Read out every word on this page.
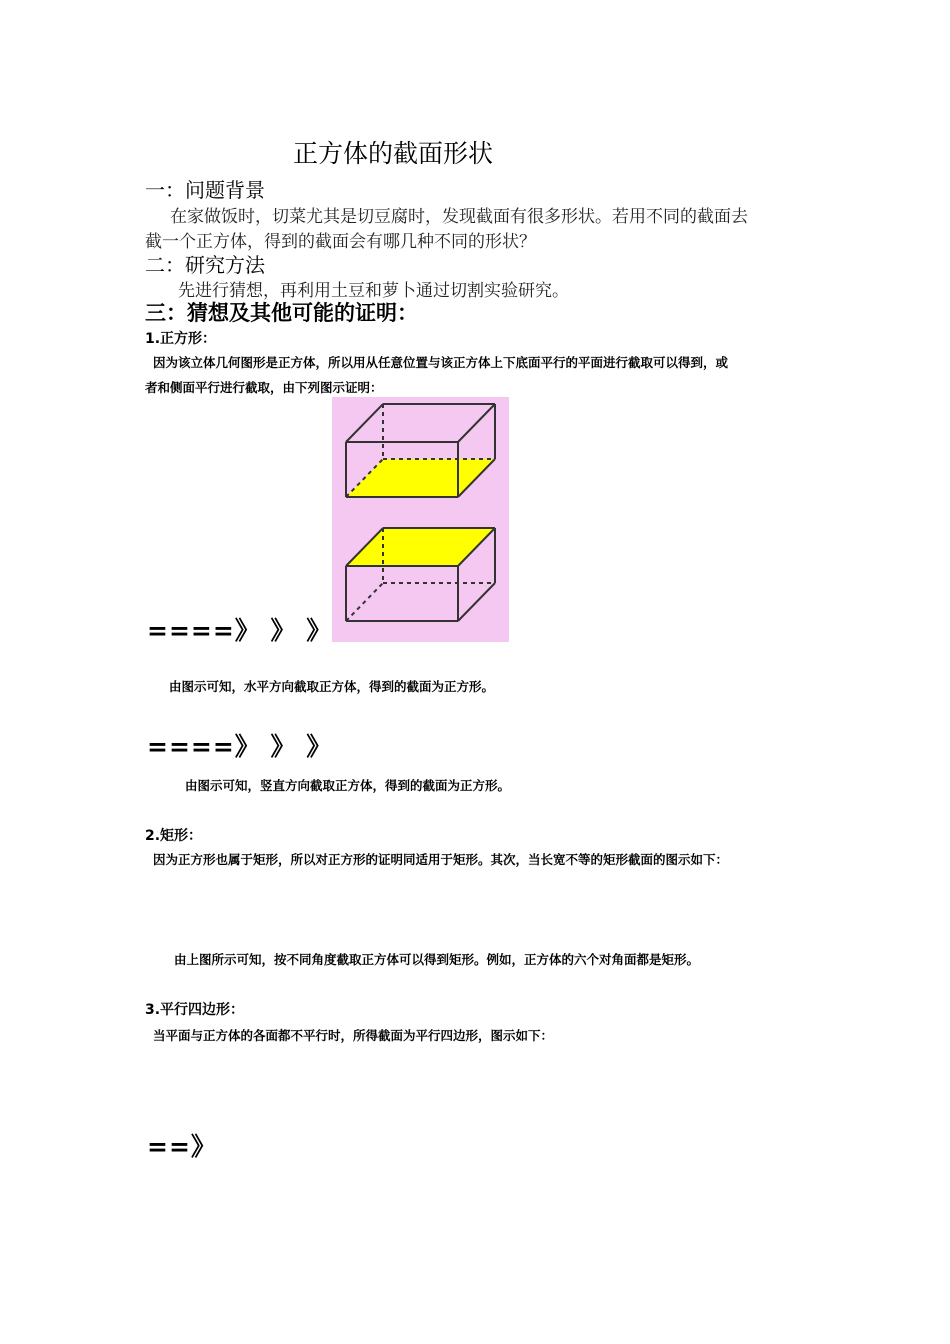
正方体的截面形状
一：问题背景
在家做饭时，切菜尤其是切豆腐时，发现截面有很多形状。若用不同的截面去
截一个正方体，得到的截面会有哪几种不同的形状？
二：研究方法
先进行猜想，再利用土豆和萝卜通过切割实验研究。
三：猜想及其他可能的证明：
1.正方形：
因为该立体几何图形是正方体，所以用从任意位置与该正方体上下底面平行的平面进行截取可以得到，或
者和侧面平行进行截取，由下列图示证明：
====》 》 》
由图示可知，水平方向截取正方体，得到的截面为正方形。
====》 》 》
由图示可知，竖直方向截取正方体，得到的截面为正方形。
2.矩形：
因为正方形也属于矩形，所以对正方形的证明同适用于矩形。其次，当长宽不等的矩形截面的图示如下：
由上图所示可知，按不同角度截取正方体可以得到矩形。例如，正方体的六个对角面都是矩形。
3.平行四边形：
当平面与正方体的各面都不平行时，所得截面为平行四边形，图示如下：
==》
